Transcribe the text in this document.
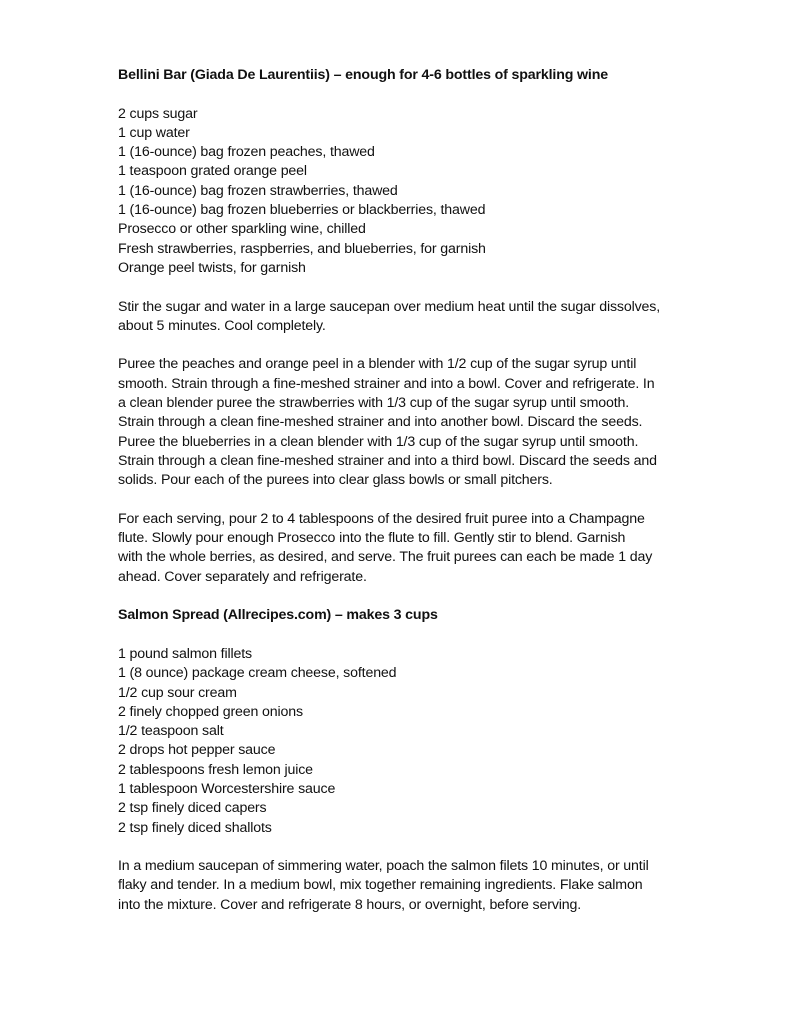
Bellini Bar (Giada De Laurentiis) – enough for 4-6 bottles of sparkling wine
2 cups sugar
1 cup water
1 (16-ounce) bag frozen peaches, thawed
1 teaspoon grated orange peel
1 (16-ounce) bag frozen strawberries, thawed
1 (16-ounce) bag frozen blueberries or blackberries, thawed
Prosecco or other sparkling wine, chilled
Fresh strawberries, raspberries, and blueberries, for garnish
Orange peel twists, for garnish
Stir the sugar and water in a large saucepan over medium heat until the sugar dissolves,
about 5 minutes. Cool completely.
Puree the peaches and orange peel in a blender with 1/2 cup of the sugar syrup until
smooth. Strain through a fine-meshed strainer and into a bowl. Cover and refrigerate. In
a clean blender puree the strawberries with 1/3 cup of the sugar syrup until smooth.
Strain through a clean fine-meshed strainer and into another bowl. Discard the seeds.
Puree the blueberries in a clean blender with 1/3 cup of the sugar syrup until smooth.
Strain through a clean fine-meshed strainer and into a third bowl. Discard the seeds and
solids. Pour each of the purees into clear glass bowls or small pitchers.
For each serving, pour 2 to 4 tablespoons of the desired fruit puree into a Champagne
flute. Slowly pour enough Prosecco into the flute to fill. Gently stir to blend. Garnish
with the whole berries, as desired, and serve. The fruit purees can each be made 1 day
ahead. Cover separately and refrigerate.
Salmon Spread (Allrecipes.com) – makes 3 cups
1 pound salmon fillets
1 (8 ounce) package cream cheese, softened
1/2 cup sour cream
2 finely chopped green onions
1/2 teaspoon salt
2 drops hot pepper sauce
2 tablespoons fresh lemon juice
1 tablespoon Worcestershire sauce
2 tsp finely diced capers
2 tsp finely diced shallots
In a medium saucepan of simmering water, poach the salmon filets 10 minutes, or until
flaky and tender. In a medium bowl, mix together remaining ingredients. Flake salmon
into the mixture. Cover and refrigerate 8 hours, or overnight, before serving.
